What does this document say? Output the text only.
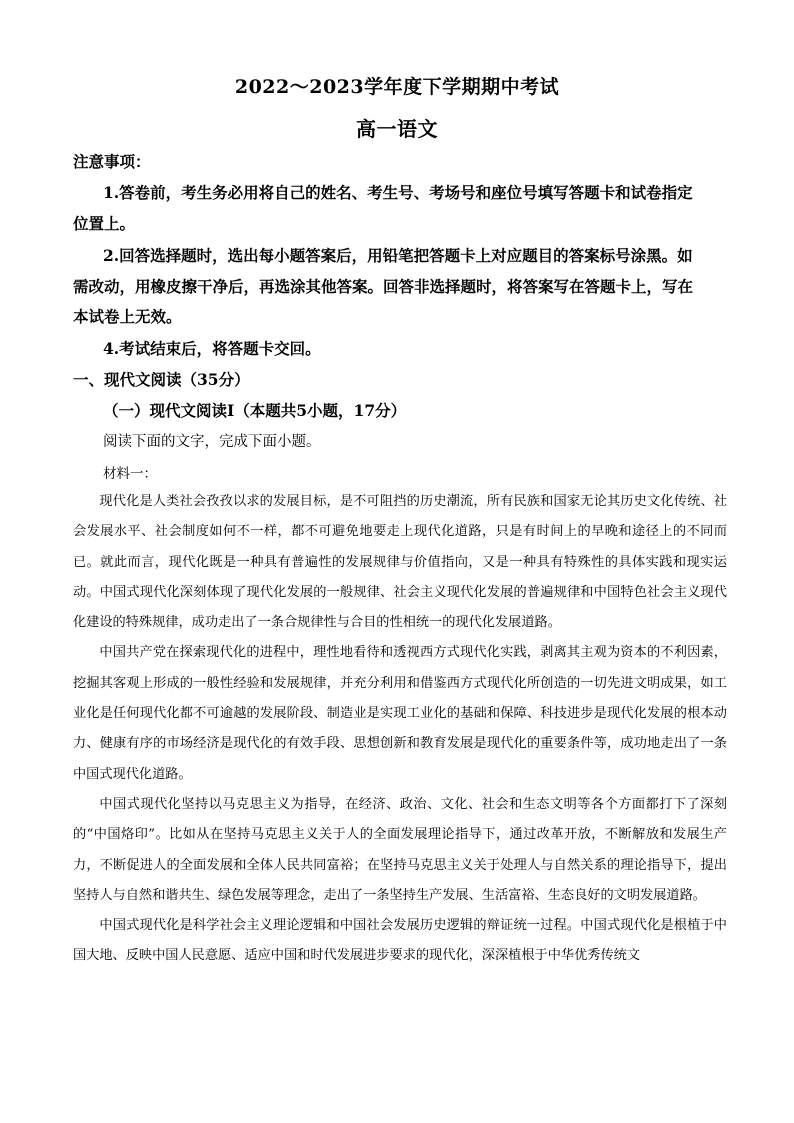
2022～2023学年度下学期期中考试
高一语文
注意事项：
1.答卷前，考生务必用将自己的姓名、考生号、考场号和座位号填写答题卡和试卷指定
位置上。
2.回答选择题时，选出每小题答案后，用铅笔把答题卡上对应题目的答案标号涂黑。如
需改动，用橡皮擦干净后，再选涂其他答案。回答非选择题时，将答案写在答题卡上，写在
本试卷上无效。
4.考试结束后，将答题卡交回。
一、现代文阅读（35分）
（一）现代文阅读Ⅰ（本题共5小题，17分）
阅读下面的文字，完成下面小题。
材料一：

现代化是人类社会孜孜以求的发展目标，是不可阻挡的历史潮流，所有民族和国家无论其历史文化传统、社会发展水平、社会制度如何不一样，都不可避免地要走上现代化道路，只是有时间上的早晚和途径上的不同而已。就此而言，现代化既是一种具有普遍性的发展规律与价值指向，又是一种具有特殊性的具体实践和现实运动。中国式现代化深刻体现了现代化发展的一般规律、社会主义现代化发展的普遍规律和中国特色社会主义现代化建设的特殊规律，成功走出了一条合规律性与合目的性相统一的现代化发展道路。

中国共产党在探索现代化的进程中，理性地看待和透视西方式现代化实践，剥离其主观为资本的不利因素，挖掘其客观上形成的一般性经验和发展规律，并充分利用和借鉴西方式现代化所创造的一切先进文明成果，如工业化是任何现代化都不可逾越的发展阶段、制造业是实现工业化的基础和保障、科技进步是现代化发展的根本动力、健康有序的市场经济是现代化的有效手段、思想创新和教育发展是现代化的重要条件等，成功地走出了一条中国式现代化道路。

中国式现代化坚持以马克思主义为指导，在经济、政治、文化、社会和生态文明等各个方面都打下了深刻的“中国烙印”。比如从在坚持马克思主义关于人的全面发展理论指导下，通过改革开放，不断解放和发展生产力，不断促进人的全面发展和全体人民共同富裕；在坚持马克思主义关于处理人与自然关系的理论指导下，提出坚持人与自然和谐共生、绿色发展等理念，走出了一条坚持生产发展、生活富裕、生态良好的文明发展道路。

中国式现代化是科学社会主义理论逻辑和中国社会发展历史逻辑的辩证统一过程。中国式现代化是根植于中国大地、反映中国人民意愿、适应中国和时代发展进步要求的现代化，深深植根于中华优秀传统文
